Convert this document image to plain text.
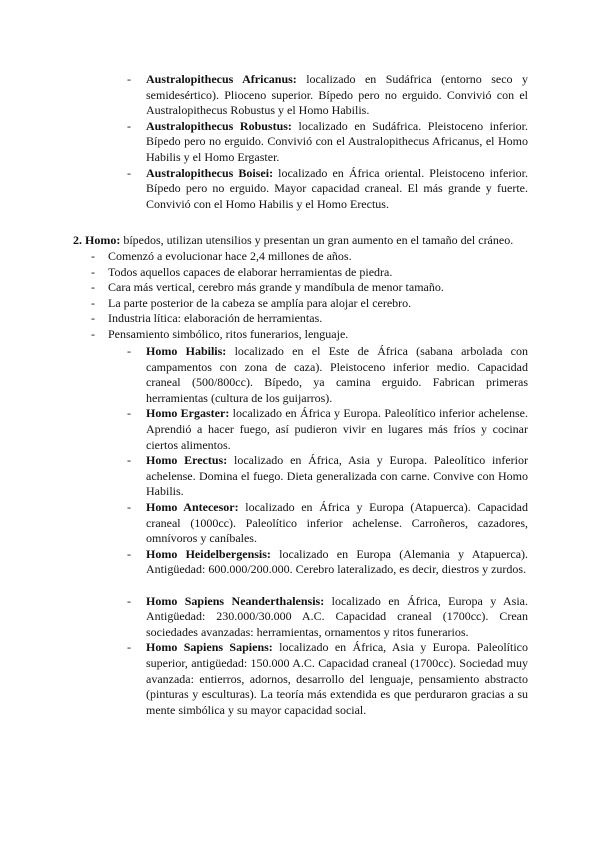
- Australopithecus Africanus: localizado en Sudáfrica (entorno seco y semidesértico). Plioceno superior. Bípedo pero no erguido. Convivió con el Australopithecus Robustus y el Homo Habilis.
- Australopithecus Robustus: localizado en Sudáfrica. Pleistoceno inferior. Bípedo pero no erguido. Convivió con el Australopithecus Africanus, el Homo Habilis y el Homo Ergaster.
- Australopithecus Boisei: localizado en África oriental. Pleistoceno inferior. Bípedo pero no erguido. Mayor capacidad craneal. El más grande y fuerte. Convivió con el Homo Habilis y el Homo Erectus.
2. Homo: bípedos, utilizan utensilios y presentan un gran aumento en el tamaño del cráneo.
- Comenzó a evolucionar hace 2,4 millones de años.
- Todos aquellos capaces de elaborar herramientas de piedra.
- Cara más vertical, cerebro más grande y mandíbula de menor tamaño.
- La parte posterior de la cabeza se amplía para alojar el cerebro.
- Industria lítica: elaboración de herramientas.
- Pensamiento simbólico, ritos funerarios, lenguaje.
- Homo Habilis: localizado en el Este de África (sabana arbolada con campamentos con zona de caza). Pleistoceno inferior medio. Capacidad craneal (500/800cc). Bípedo, ya camina erguido. Fabrican primeras herramientas (cultura de los guijarros).
- Homo Ergaster: localizado en África y Europa. Paleolítico inferior achelense. Aprendió a hacer fuego, así pudieron vivir en lugares más fríos y cocinar ciertos alimentos.
- Homo Erectus: localizado en África, Asia y Europa. Paleolítico inferior achelense. Domina el fuego. Dieta generalizada con carne. Convive con Homo Habilis.
- Homo Antecesor: localizado en África y Europa (Atapuerca). Capacidad craneal (1000cc). Paleolítico inferior achelense. Carroñeros, cazadores, omnívoros y caníbales.
- Homo Heidelbergensis: localizado en Europa (Alemania y Atapuerca). Antigüedad: 600.000/200.000. Cerebro lateralizado, es decir, diestros y zurdos.
- Homo Sapiens Neanderthalensis: localizado en África, Europa y Asia. Antigüedad: 230.000/30.000 A.C. Capacidad craneal (1700cc). Crean sociedades avanzadas: herramientas, ornamentos y ritos funerarios.
- Homo Sapiens Sapiens: localizado en África, Asia y Europa. Paleolítico superior, antigüedad: 150.000 A.C. Capacidad craneal (1700cc). Sociedad muy avanzada: entierros, adornos, desarrollo del lenguaje, pensamiento abstracto (pinturas y esculturas). La teoría más extendida es que perduraron gracias a su mente simbólica y su mayor capacidad social.
